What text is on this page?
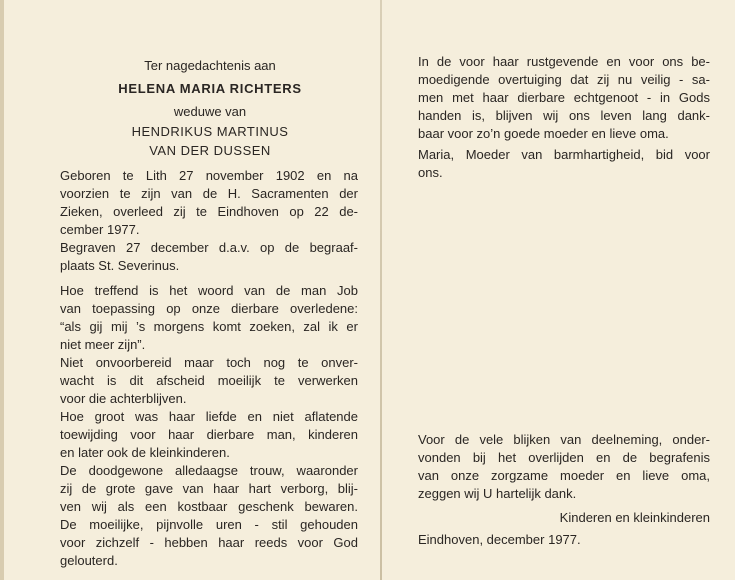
Ter nagedachtenis aan
HELENA MARIA RICHTERS
weduwe van
HENDRIKUS MARTINUS
VAN DER DUSSEN
Geboren te Lith 27 november 1902 en na
voorzien te zijn van de H. Sacramenten der
Zieken, overleed zij te Eindhoven op 22 de-
cember 1977.
Begraven 27 december d.a.v. op de begraaf-
plaats St. Severinus.
Hoe treffend is het woord van de man Job
van toepassing op onze dierbare overledene:
“als gij mij ’s morgens komt zoeken, zal ik er
niet meer zijn”.
Niet onvoorbereid maar toch nog te onver-
wacht is dit afscheid moeilijk te verwerken
voor die achterblijven.
Hoe groot was haar liefde en niet aflatende
toewijding voor haar dierbare man, kinderen
en later ook de kleinkinderen.
De doodgewone alledaagse trouw, waaronder
zij de grote gave van haar hart verborg, blij-
ven wij als een kostbaar geschenk bewaren.
De moeilijke, pijnvolle uren - stil gehouden
voor zichzelf - hebben haar reeds voor God
gelouterd.
In de voor haar rustgevende en voor ons be-
moedigende overtuiging dat zij nu veilig - sa-
men met haar dierbare echtgenoot - in Gods
handen is, blijven wij ons leven lang dank-
baar voor zo’n goede moeder en lieve oma.
Maria, Moeder van barmhartigheid, bid voor
ons.
Voor de vele blijken van deelneming, onder-
vonden bij het overlijden en de begrafenis
van onze zorgzame moeder en lieve oma,
zeggen wij U hartelijk dank.
Kinderen en kleinkinderen
Eindhoven, december 1977.
